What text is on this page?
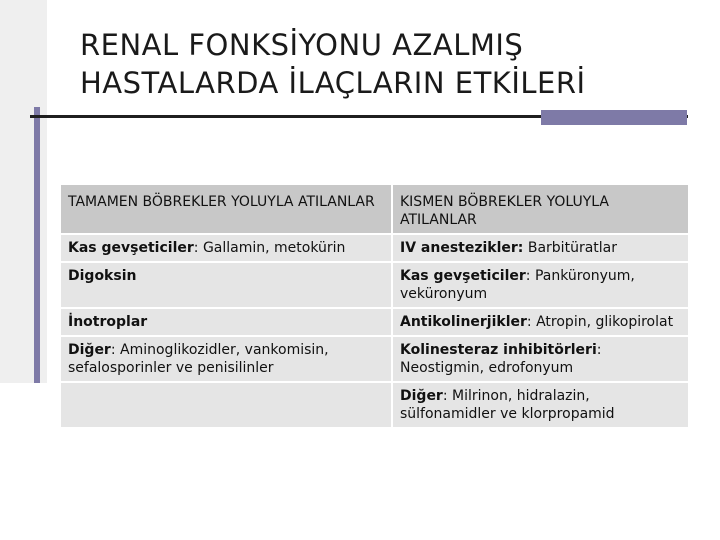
RENAL FONKSİYONU AZALMIŞ
HASTALARDA İLAÇLARIN ETKİLERİ
TAMAMEN BÖBREKLER YOLUYLA ATILANLAR	KISMEN BÖBREKLER YOLUYLA ATILANLAR
Kas gevşeticiler: Gallamin, metokürin	IV anestezikler: Barbitüratlar
Digoksin	Kas gevşeticiler: Panküronyum, veküronyum
İnotroplar	Antikolinerjikler: Atropin, glikopirolat
Diğer: Aminoglikozidler, vankomisin, sefalosporinler ve penisilinler	Kolinesteraz inhibitörleri: Neostigmin, edrofonyum
	Diğer: Milrinon, hidralazin, sülfonamidler ve klorpropamid
